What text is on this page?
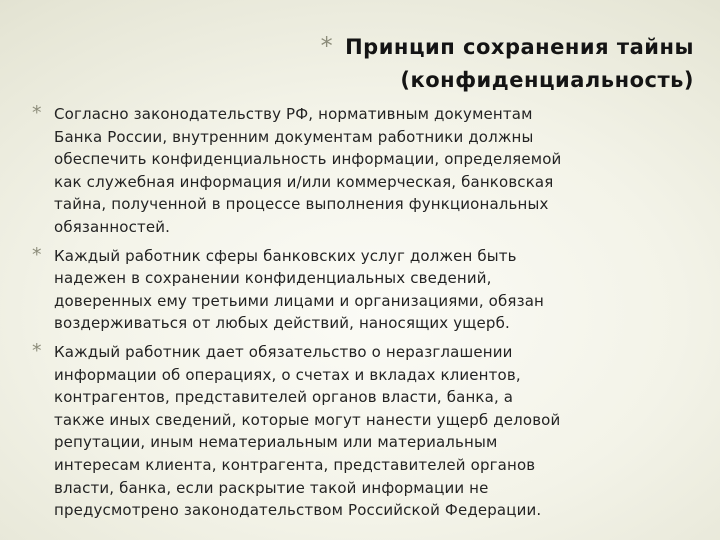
* Принцип сохранения тайны
(конфиденциальность)
* Согласно законодательству РФ, нормативным документам
Банка России, внутренним документам работники должны
обеспечить конфиденциальность информации, определяемой
как служебная информация и/или коммерческая, банковская
тайна, полученной в процессе выполнения функциональных
обязанностей.
* Каждый работник сферы банковских услуг должен быть
надежен в сохранении конфиденциальных сведений,
доверенных ему третьими лицами и организациями, обязан
воздерживаться от любых действий, наносящих ущерб.
* Каждый работник дает обязательство о неразглашении
информации об операциях, о счетах и вкладах клиентов,
контрагентов, представителей органов власти, банка, а
также иных сведений, которые могут нанести ущерб деловой
репутации, иным нематериальным или материальным
интересам клиента, контрагента, представителей органов
власти, банка, если раскрытие такой информации не
предусмотрено законодательством Российской Федерации.
